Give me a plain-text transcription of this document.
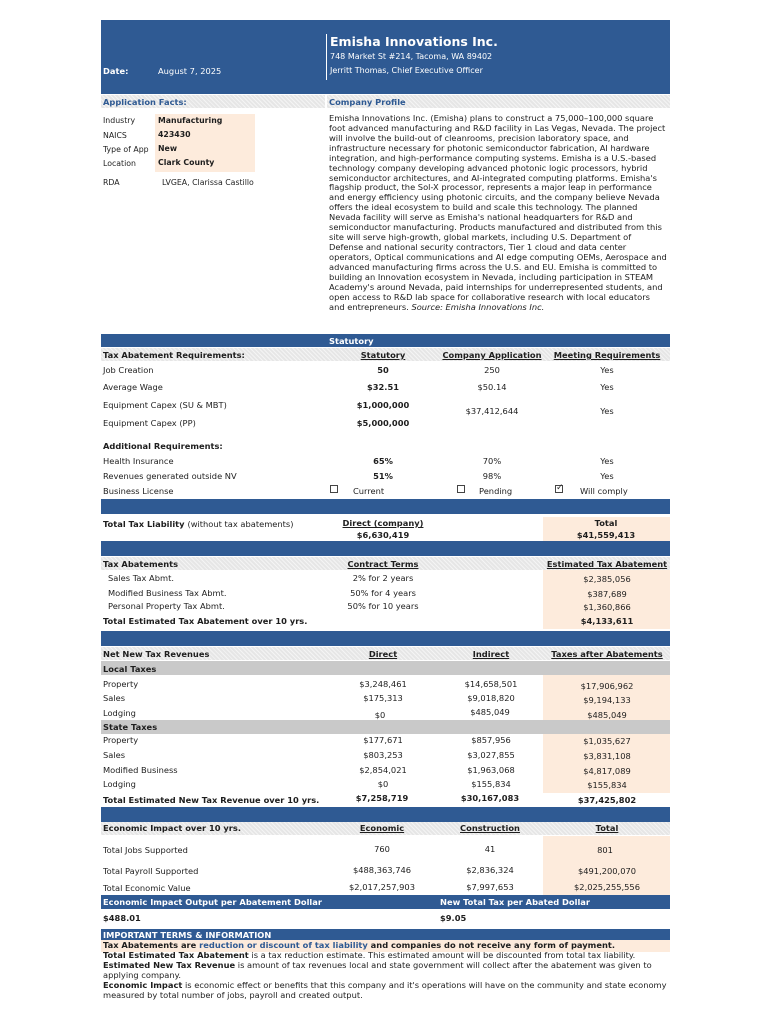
Date:	August 7, 2025
Emisha Innovations Inc.
748 Market St #214, Tacoma, WA 89402
Jerritt Thomas, Chief Executive Officer
Application Facts:
Industry	Manufacturing
NAICS	423430
Type of App New
Location	Clark County
RDA	LVGEA, Clarissa Castillo
Company Profile
Emisha Innovations Inc. (Emisha) plans to construct a 75,000–100,000 square foot advanced manufacturing and R&D facility in Las Vegas, Nevada. The project will involve the build-out of cleanrooms, precision laboratory space, and infrastructure necessary for photonic semiconductor fabrication, AI hardware integration, and high-performance computing systems. Emisha is a U.S.-based technology company developing advanced photonic logic processors, hybrid semiconductor architectures, and AI-integrated computing platforms. Emisha's flagship product, the Sol-X processor, represents a major leap in performance and energy efficiency using photonic circuits, and the company believe Nevada offers the ideal ecosystem to build and scale this technology. The planned Nevada facility will serve as Emisha's national headquarters for R&D and semiconductor manufacturing. Products manufactured and distributed from this site will serve high-growth, global markets, including U.S. Department of Defense and national security contractors, Tier 1 cloud and data center operators, Optical communications and AI edge computing OEMs, Aerospace and advanced manufacturing firms across the U.S. and EU. Emisha is committed to building an Innovation ecosystem in Nevada, including participation in STEAM Academy's around Nevada, paid internships for underrepresented students, and open access to R&D lab space for collaborative research with local educators and entrepreneurs. Source: Emisha Innovations Inc.
Statutory
Tax Abatement Requirements:	Statutory	Company Application Meeting Requirements
Job Creation	50	250	Yes
Average Wage	$32.51	$50.14	Yes
Equipment Capex (SU & MBT)	$1,000,000
Equipment Capex (PP)	$5,000,000
$37,412,644	Yes
Additional Requirements:
Health Insurance	65%	70%	Yes
Revenues generated outside NV	51%	98%	Yes
Business License	Current	Pending
✓	Will comply
Total Tax Liability (without tax abatements)	Direct (company)	Total
$6,630,419	$41,559,413
Tax Abatements	Contract Terms	Estimated Tax Abatement
Sales Tax Abmt.	2% for 2 years	$2,385,056
Modified Business Tax Abmt.	50% for 4 years	$387,689
Personal Property Tax Abmt.	50% for 10 years	$1,360,866
Total Estimated Tax Abatement over 10 yrs.	$4,133,611
Net New Tax Revenues	Direct	Indirect	Taxes after Abatements
Local Taxes
Property	$3,248,461	$14,658,501	$17,906,962
Sales	$175,313	$9,018,820	$9,194,133
Lodging	$0	$485,049	$485,049
State Taxes
Property	$177,671	$857,956	$1,035,627
Sales	$803,253	$3,027,855	$3,831,108
Modified Business	$2,854,021	$1,963,068	$4,817,089
Lodging	$0	$155,834	$155,834
Total Estimated New Tax Revenue over 10 yrs.	$7,258,719	$30,167,083	$37,425,802
Economic Impact over 10 yrs.	Economic	Construction	Total
Total Jobs Supported	760	41	801
Total Payroll Supported	$488,363,746	$2,836,324	$491,200,070
Total Economic Value	$2,017,257,903	$7,997,653	$2,025,255,556
Economic Impact Output per Abatement Dollar	New Total Tax per Abated Dollar
$488.01	$9.05
IMPORTANT TERMS & INFORMATION
Tax Abatements are reduction or discount of tax liability and companies do not receive any form of payment.
Total Estimated Tax Abatement is a tax reduction estimate. This estimated amount will be discounted from total tax liability.
Estimated New Tax Revenue is amount of tax revenues local and state government will collect after the abatement was given to applying company.
Economic Impact is economic effect or benefits that this company and it's operations will have on the community and state economy measured by total number of jobs, payroll and created output.
